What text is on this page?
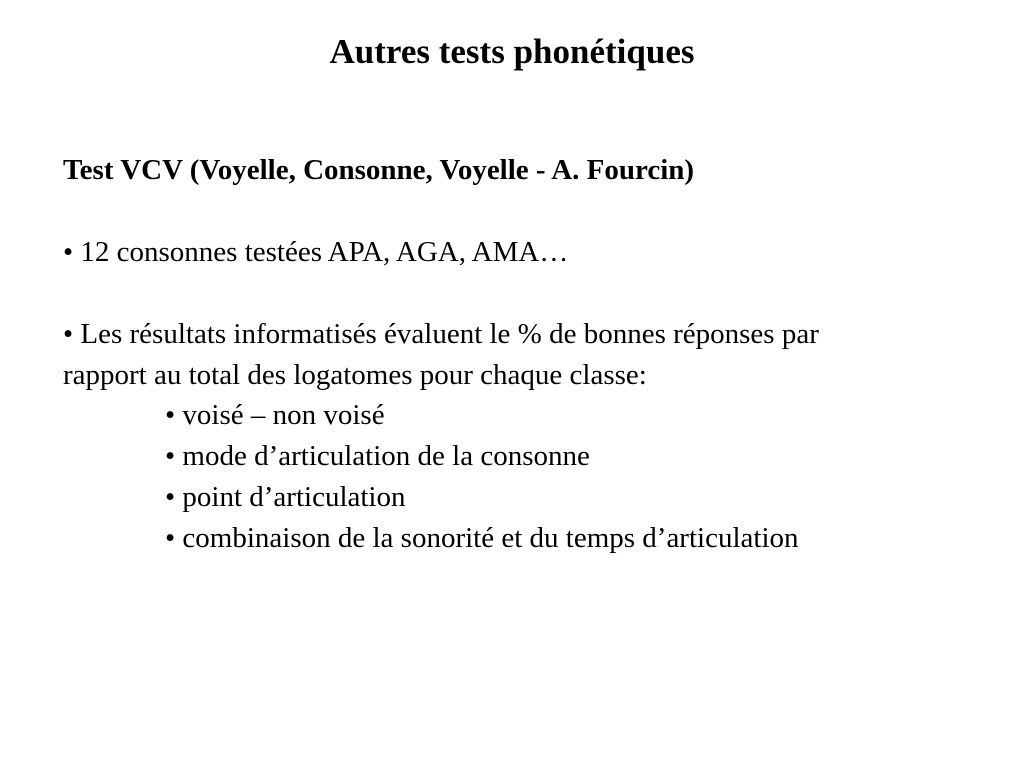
Autres tests phonétiques
Test VCV (Voyelle, Consonne, Voyelle - A. Fourcin)
• 12 consonnes testées APA, AGA, AMA…
• Les résultats informatisés évaluent le % de bonnes réponses par
rapport au total des logatomes pour chaque classe:
• voisé – non voisé
• mode d’articulation de la consonne
• point d’articulation
• combinaison de la sonorité et du temps d’articulation
